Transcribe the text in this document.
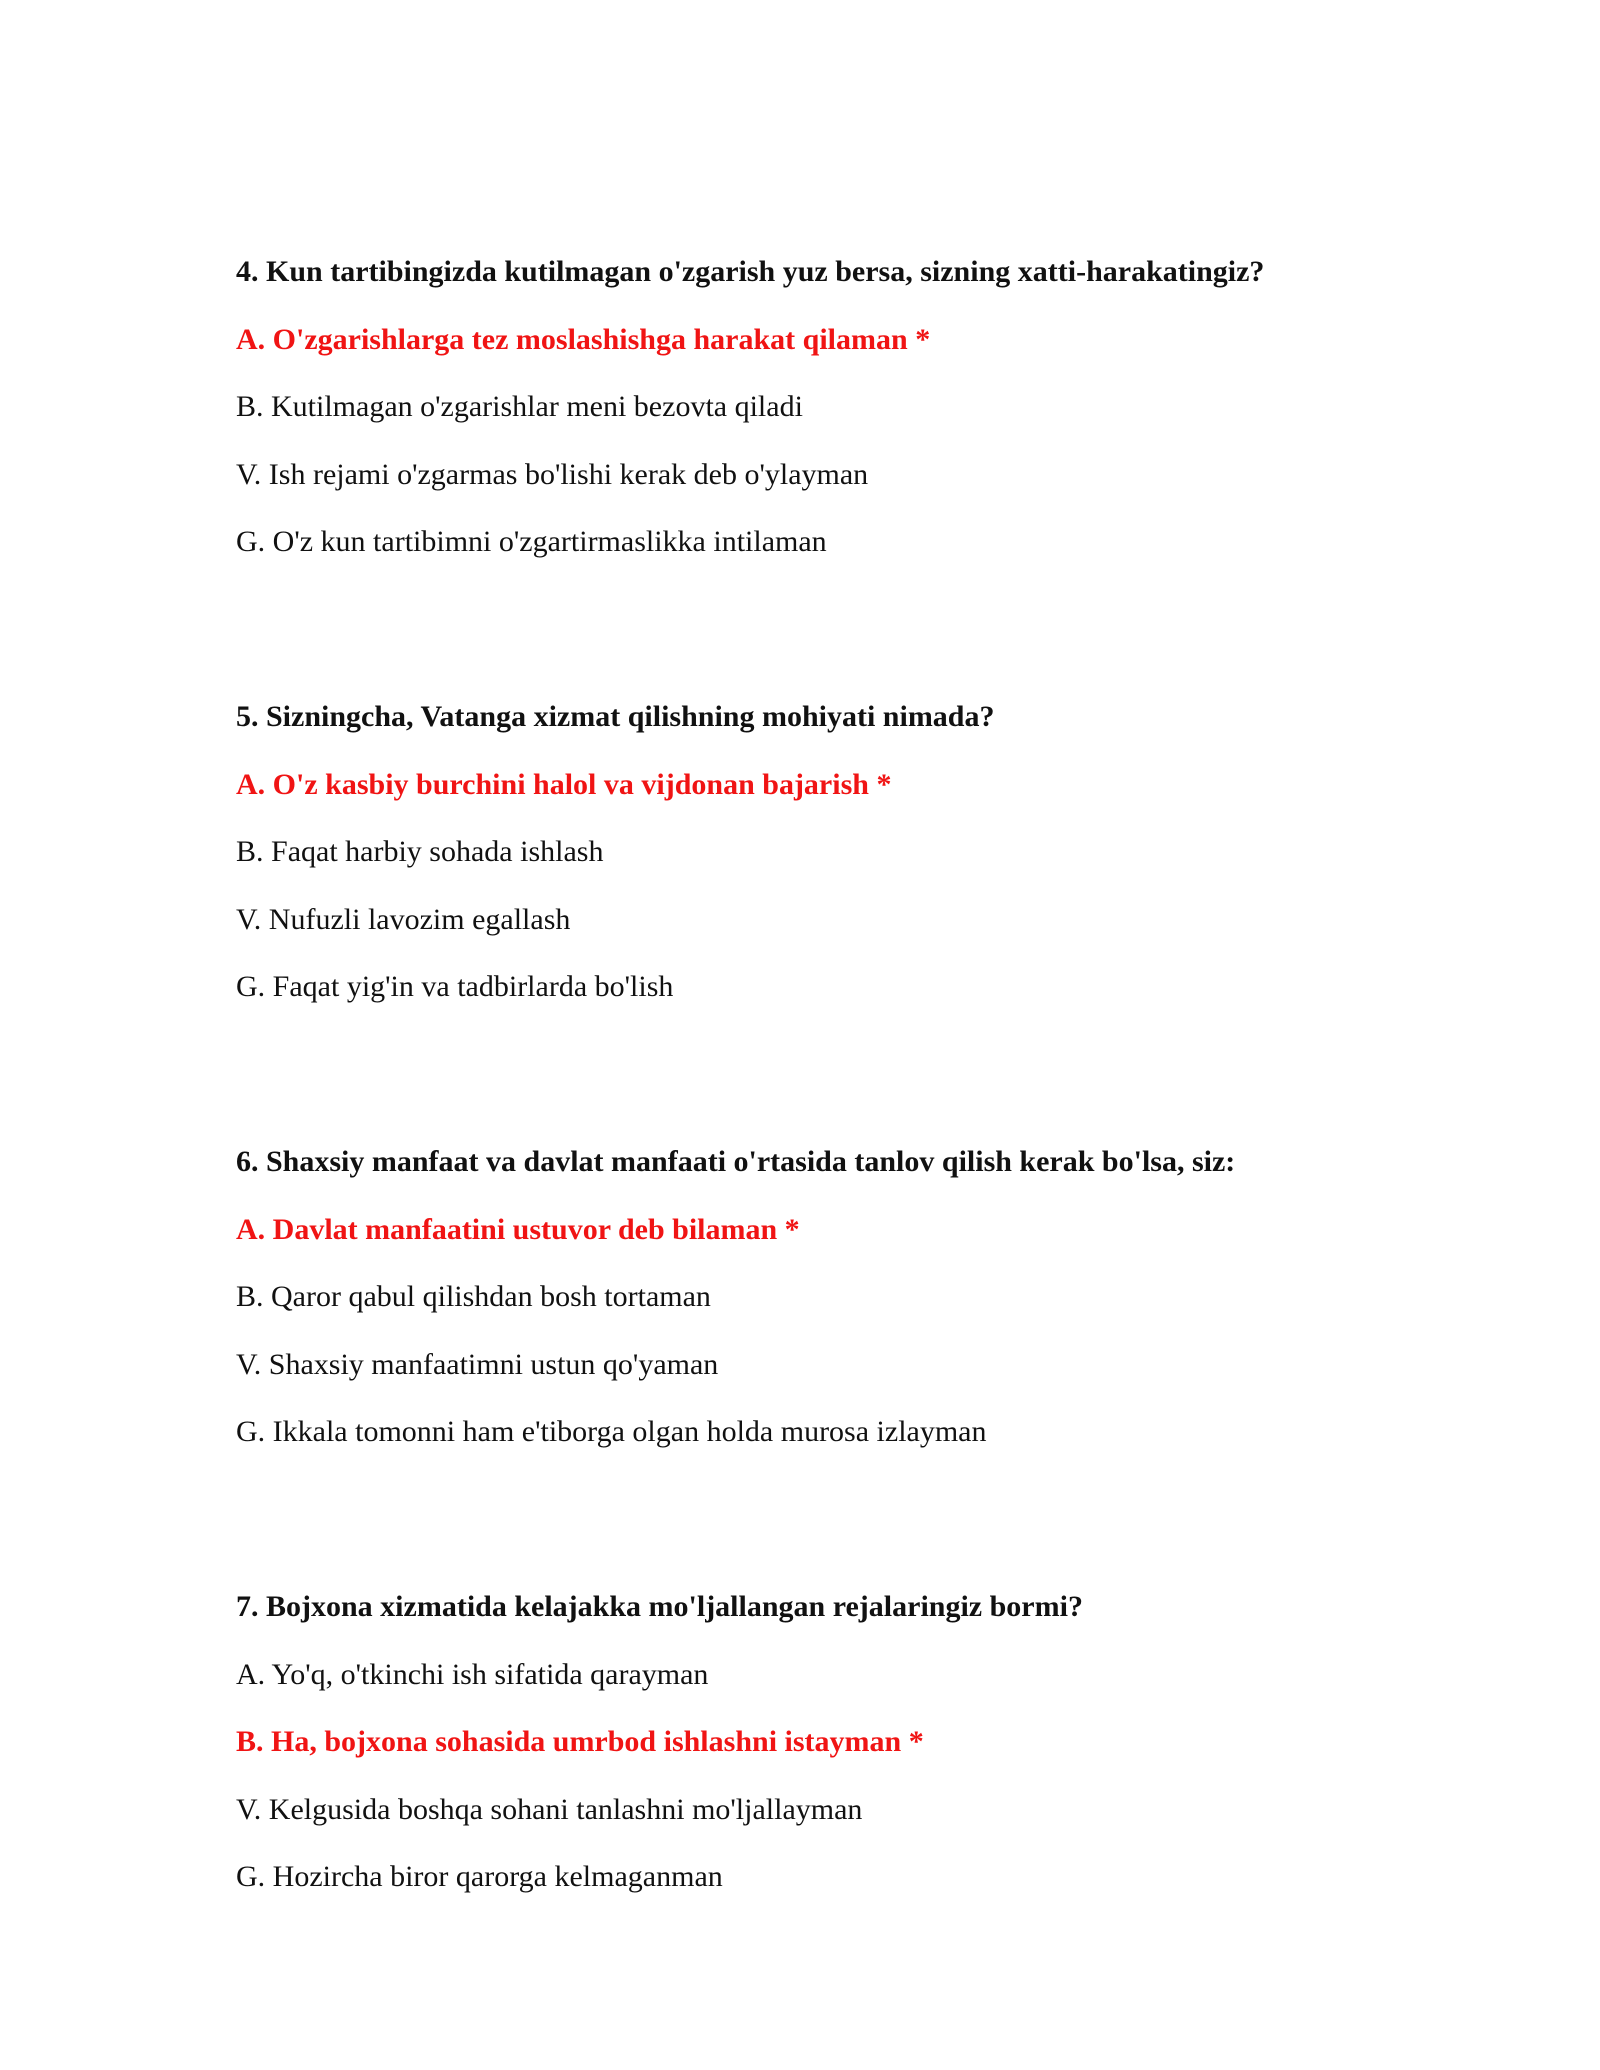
4. Kun tartibingizda kutilmagan o'zgarish yuz bersa, sizning xatti-harakatingiz?

A. O'zgarishlarga tez moslashishga harakat qilaman *

B. Kutilmagan o'zgarishlar meni bezovta qiladi

V. Ish rejami o'zgarmas bo'lishi kerak deb o'ylayman

G. O'z kun tartibimni o'zgartirmaslikka intilaman

5. Sizningcha, Vatanga xizmat qilishning mohiyati nimada?

A. O'z kasbiy burchini halol va vijdonan bajarish *

B. Faqat harbiy sohada ishlash

V. Nufuzli lavozim egallash

G. Faqat yig'in va tadbirlarda bo'lish

6. Shaxsiy manfaat va davlat manfaati o'rtasida tanlov qilish kerak bo'lsa, siz:

A. Davlat manfaatini ustuvor deb bilaman *

B. Qaror qabul qilishdan bosh tortaman

V. Shaxsiy manfaatimni ustun qo'yaman

G. Ikkala tomonni ham e'tiborga olgan holda murosa izlayman

7. Bojxona xizmatida kelajakka mo'ljallangan rejalaringiz bormi?

A. Yo'q, o'tkinchi ish sifatida qarayman

B. Ha, bojxona sohasida umrbod ishlashni istayman *

V. Kelgusida boshqa sohani tanlashni mo'ljallayman

G. Hozircha biror qarorga kelmaganman
